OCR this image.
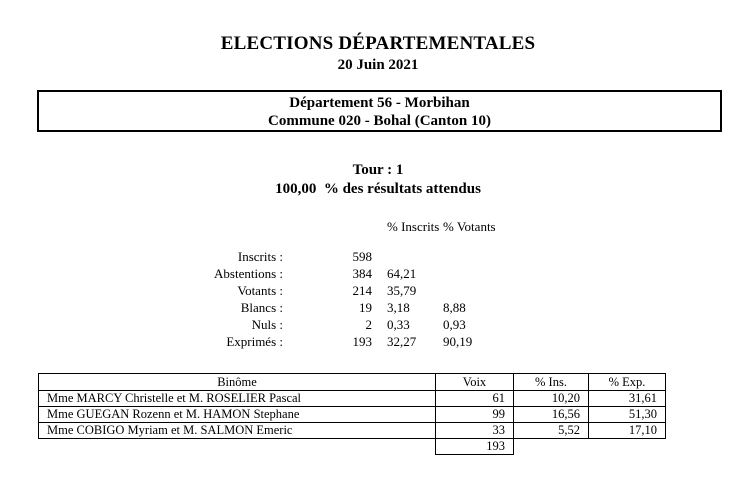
ELECTIONS DÉPARTEMENTALES
20 Juin 2021
Département 56 - Morbihan
Commune 020 - Bohal (Canton 10)
Tour : 1
100,00  % des résultats attendus
% Inscrits % Votants
Inscrits :	598
Abstentions :	384	64,21
Votants :	214	35,79
Blancs :	19	3,18	8,88
Nuls :	2	0,33	0,93
Exprimés :	193	32,27	90,19
Binôme	Voix	% Ins.	% Exp.
Mme MARCY Christelle et M. ROSELIER Pascal	61	10,20	31,61
Mme GUEGAN Rozenn et M. HAMON Stephane	99	16,56	51,30
Mme COBIGO Myriam et M. SALMON Emeric	33	5,52	17,10
	193		
